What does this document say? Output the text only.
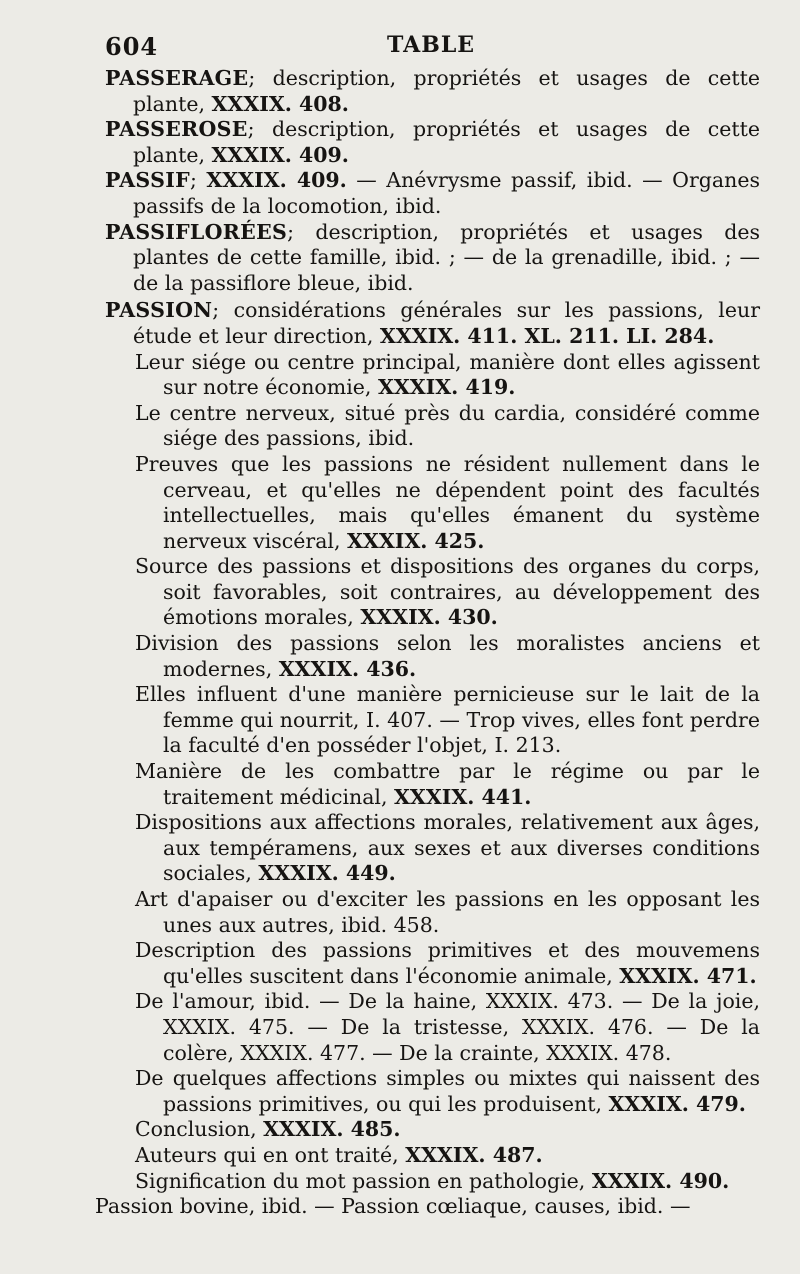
604	TABLE

PASSERAGE; description, propriétés et usages de cette plante, XXXIX. 408.

PASSEROSE; description, propriétés et usages de cette plante, XXXIX. 409.

PASSIF; XXXIX. 409. — Anévrysme passif, ibid. — Organes passifs de la locomotion, ibid.

PASSIFLORÉES; description, propriétés et usages des plantes de cette famille, ibid. ; — de la grenadille, ibid. ; — de la passiflore bleue, ibid.

PASSION; considérations générales sur les passions, leur étude et leur direction, XXXIX. 411. XL. 211. LI. 284.

Leur siége ou centre principal, manière dont elles agissent sur notre économie, XXXIX. 419.

Le centre nerveux, situé près du cardia, considéré comme siége des passions, ibid.

Preuves que les passions ne résident nullement dans le cerveau, et qu'elles ne dépendent point des facultés intellectuelles, mais qu'elles émanent du système nerveux viscéral, XXXIX. 425.

Source des passions et dispositions des organes du corps, soit favorables, soit contraires, au développement des émotions morales, XXXIX. 430.

Division des passions selon les moralistes anciens et modernes, XXXIX. 436.

Elles influent d'une manière pernicieuse sur le lait de la femme qui nourrit, I. 407. — Trop vives, elles font perdre la faculté d'en posséder l'objet, I. 213.

Manière de les combattre par le régime ou par le traitement médicinal, XXXIX. 441.

Dispositions aux affections morales, relativement aux âges, aux tempéramens, aux sexes et aux diverses conditions sociales, XXXIX. 449.

Art d'apaiser ou d'exciter les passions en les opposant les unes aux autres, ibid. 458.

Description des passions primitives et des mouvemens qu'elles suscitent dans l'économie animale, XXXIX. 471.

De l'amour, ibid. — De la haine, XXXIX. 473. — De la joie, XXXIX. 475. — De la tristesse, XXXIX. 476. — De la colère, XXXIX. 477. — De la crainte, XXXIX. 478.

De quelques affections simples ou mixtes qui naissent des passions primitives, ou qui les produisent, XXXIX. 479.

Conclusion, XXXIX. 485.

Auteurs qui en ont traité, XXXIX. 487.

Signification du mot passion en pathologie, XXXIX. 490.

Passion bovine, ibid. — Passion cœliaque, causes, ibid. —
